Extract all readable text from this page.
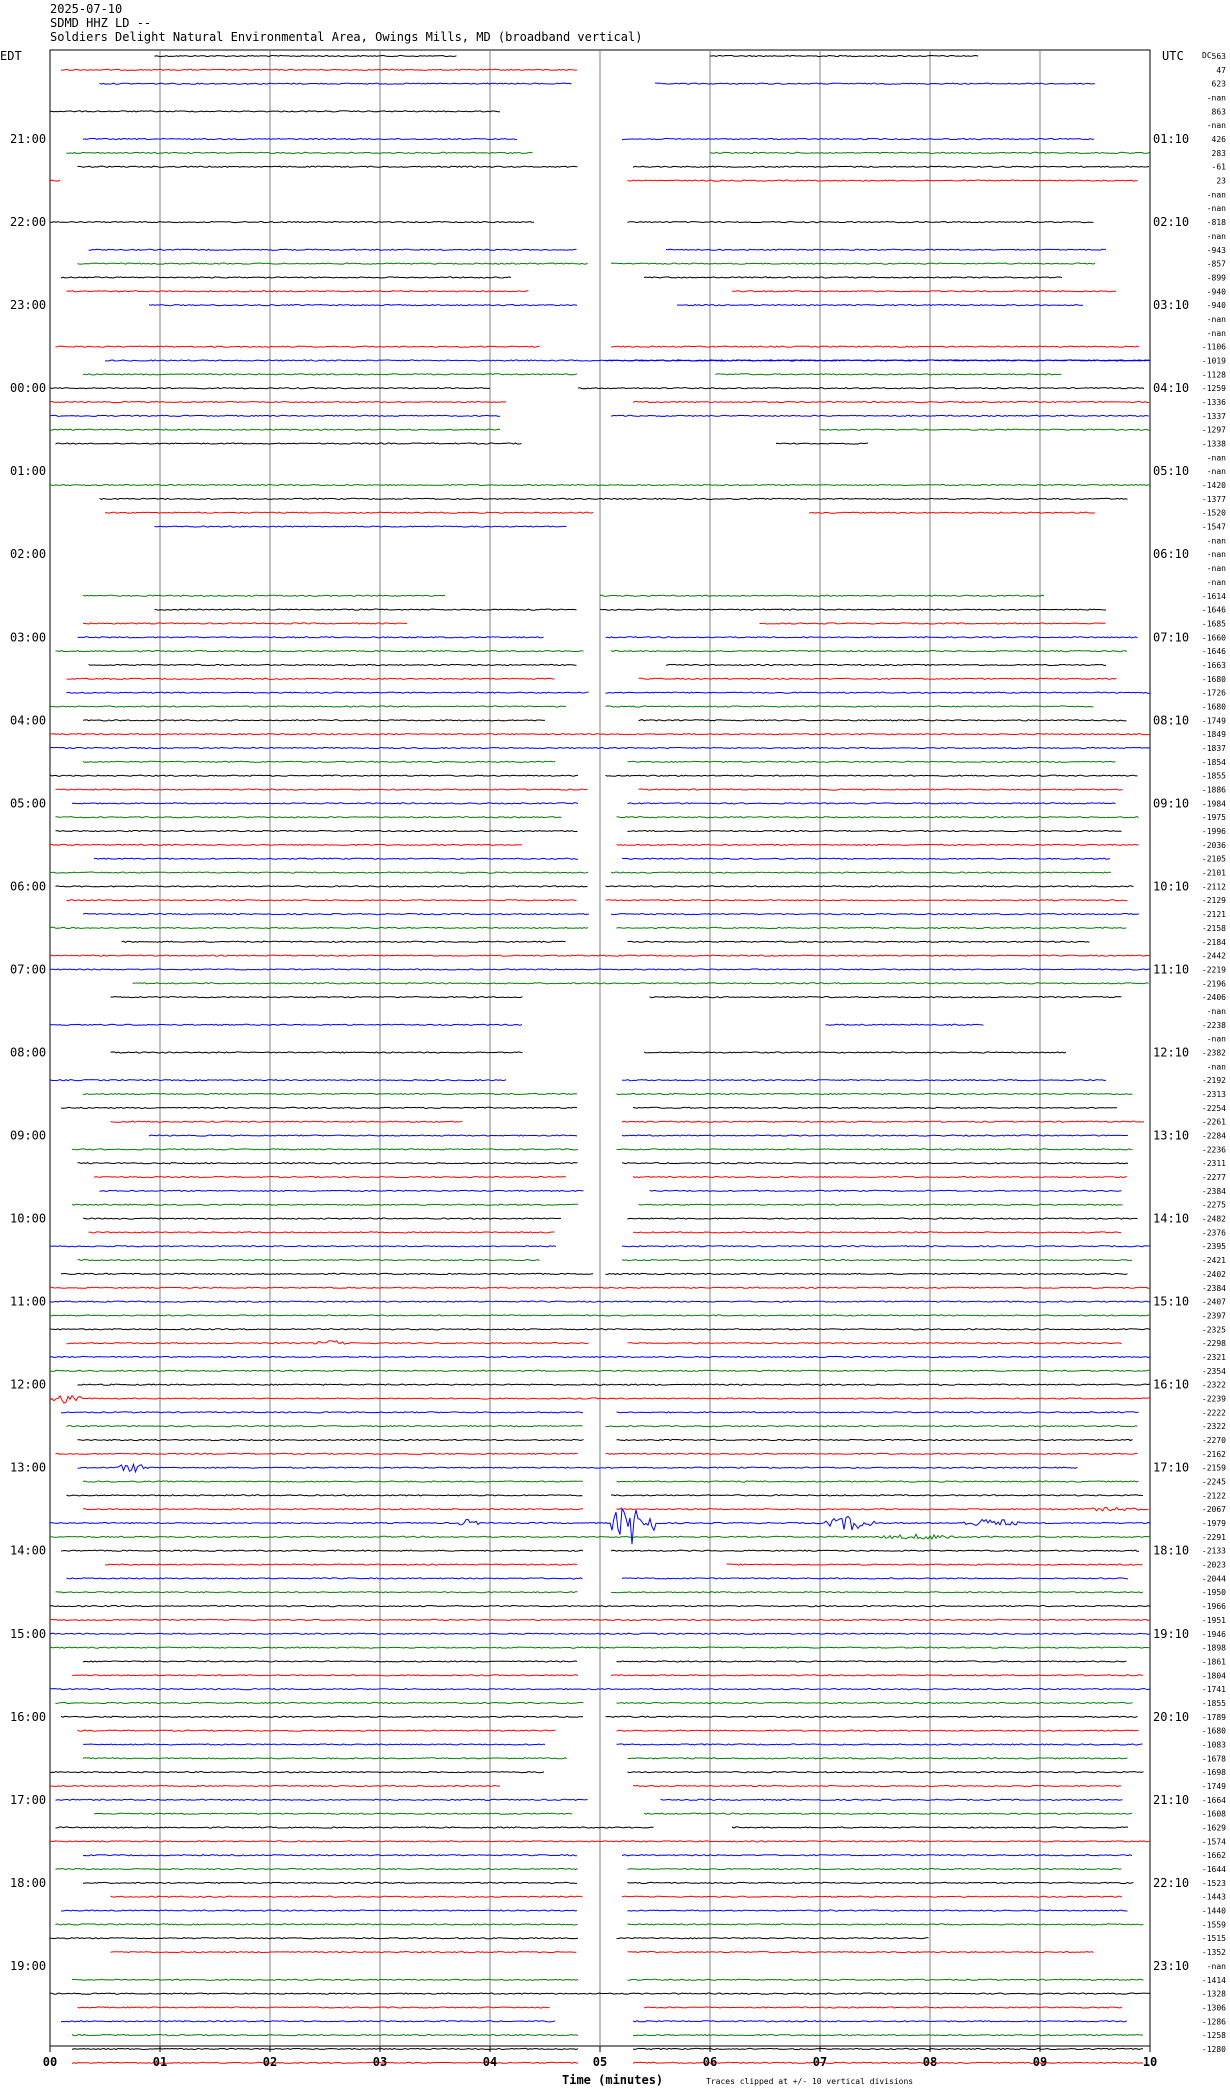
2025-07-10
SDMD HHZ LD --
Soldiers Delight Natural Environmental Area, Owings Mills, MD (broadband vertical)
21:00
22:00
23:00
00:00
01:00
02:00
03:00
04:00
05:00
06:00
07:00
08:00
09:00
10:00
11:00
12:00
13:00
14:00
15:00
16:00
17:00
18:00
19:00
01:10
02:10
03:10
04:10
05:10
06:10
07:10
08:10
09:10
10:10
11:10
12:10
13:10
14:10
15:10
16:10
17:10
18:10
19:10
20:10
21:10
22:10
23:10
563
47
623
-nan
863
-nan
426
283
-61
23
-nan
-nan
-818
-nan
-943
-857
-899
-940
-940
-nan
-nan
-1106
-1019
-1128
-1259
-1336
-1337
-1297
-1338
-nan
-nan
-1420
-1377
-1520
-1547
-nan
-nan
-nan
-nan
-1614
-1646
-1685
-1660
-1646
-1663
-1680
-1726
-1680
-1749
-1849
-1837
-1854
-1855
-1886
-1984
-1975
-1996
-2036
-2105
-2101
-2112
-2129
-2121
-2158
-2184
-2442
-2219
-2196
-2406
-nan
-2238
-nan
-2382
-nan
-2192
-2313
-2254
-2261
-2284
-2236
-2311
-2277
-2384
-2275
-2482
-2376
-2395
-2421
-2402
-2384
-2407
-2397
-2325
-2298
-2321
-2354
-2322
-2239
-2222
-2322
-2270
-2162
-2159
-2245
-2122
-2067
-1979
-2291
-2133
-2023
-2044
-1950
-1966
-1951
-1946
-1898
-1861
-1804
-1741
-1855
-1789
-1680
-1083
-1678
-1698
-1749
-1664
-1608
-1629
-1574
-1662
-1644
-1523
-1443
-1440
-1559
-1515
-1352
-nan
-1414
-1328
-1306
-1286
-1258
-1280
00	01	02	03	04	05	06	07	08	09	10
EDT	UTC DC
Time (minutes)	Traces clipped at +/- 10 vertical divisions
